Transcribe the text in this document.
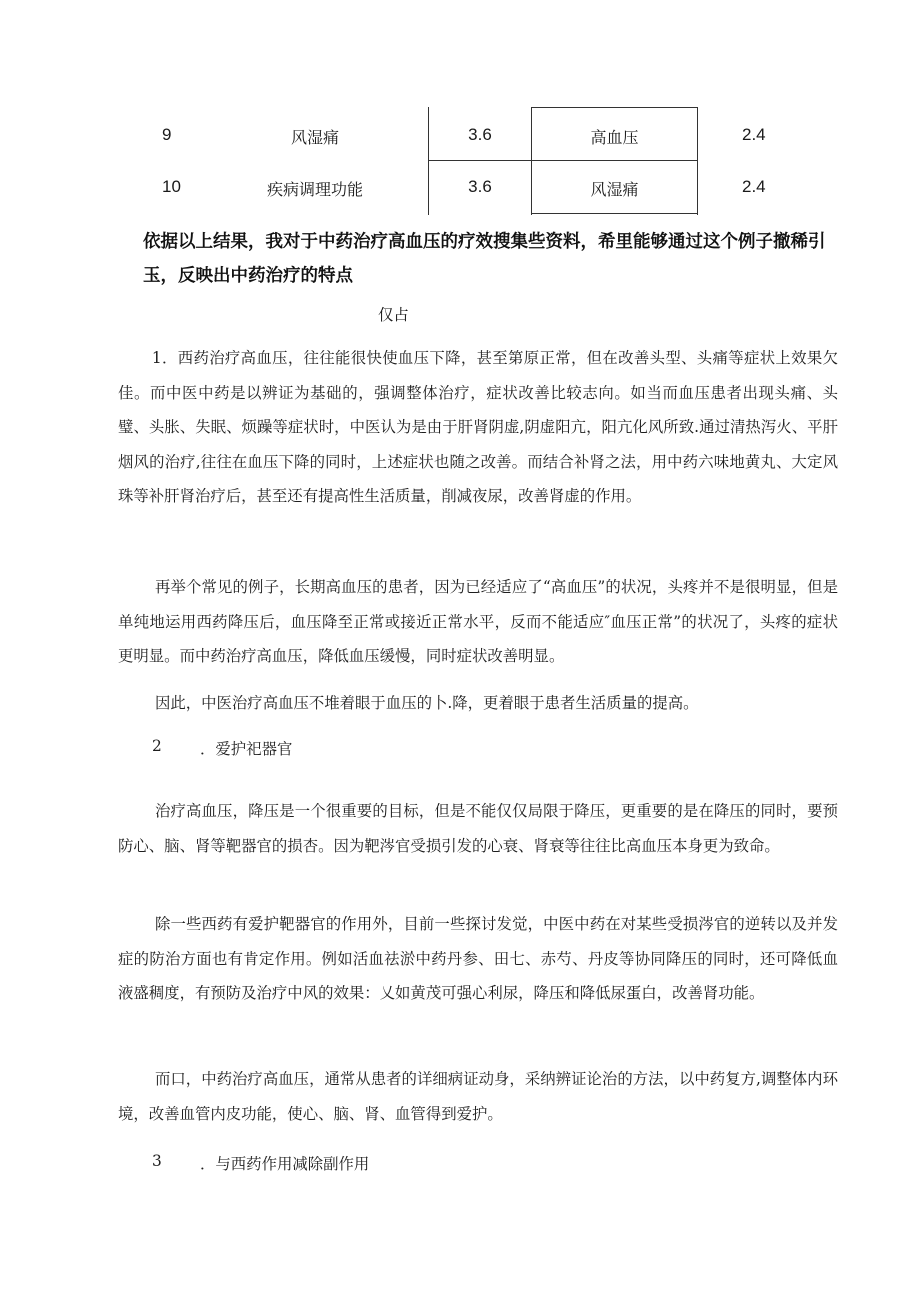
9	风湿痛	3.6	高血压	2.4
10	疾病调理功能	3.6	风湿痛	2.4
依据以上结果，我对于中药治疗高血压的疗效搜集些资料，希里能够通过这个例子撤稀引玉，反映出中药治疗的特点
仅占

1．西药治疗高血压，往往能很快使血压下降，甚至第原正常，但在改善头型、头痛等症状上效果欠佳。而中医中药是以辨证为基础的，强调整体治疗，症状改善比较志向。如当而血压患者出现头痛、头璧、头胀、失眠、烦躁等症状时，中医认为是由于肝肾阴虚,阴虚阳亢，阳亢化风所致.通过清热泻火、平肝烟风的治疗,往往在血压下降的同时，上述症状也随之改善。而结合补肾之法，用中药六味地黄丸、大定风珠等补肝肾治疗后，甚至还有提高性生活质量，削减夜尿，改善肾虚的作用。

再举个常见的例子，长期高血压的患者，因为已经适应了“高血压”的状况，头疼并不是很明显，但是单纯地运用西药降压后，血压降至正常或接近正常水平，反而不能适应″血压正常”的状况了，头疼的症状更明显。而中药治疗高血压，降低血压缓慢，同时症状改善明显。

因此，中医治疗高血压不堆着眼于血压的卜.降，更着眼于患者生活质量的提高。

2 ．爱护祀器官

治疗高血压，降压是一个很重要的目标，但是不能仅仅局限于降压，更重要的是在降压的同时，要预防心、脑、肾等靶器官的损杏。因为靶涔官受损引发的心衰、肾衰等往往比高血压本身更为致命。

除一些西药有爱护靶器官的作用外，目前一些探讨发觉，中医中药在对某些受损涔官的逆转以及并发症的防治方面也有肯定作用。例如活血祛淤中药丹参、田七、赤芍、丹皮等协同降压的同时，还可降低血液盛稠度，有预防及治疗中风的效果：乂如黄茂可强心利尿，降压和降低尿蛋白，改善肾功能。

而口，中药治疗高血压，通常从患者的详细病证动身，采纳辨证论治的方法，以中药复方,调整体内环境，改善血管内皮功能，使心、脑、肾、血管得到爱护。

3 ．与西药作用减除副作用
